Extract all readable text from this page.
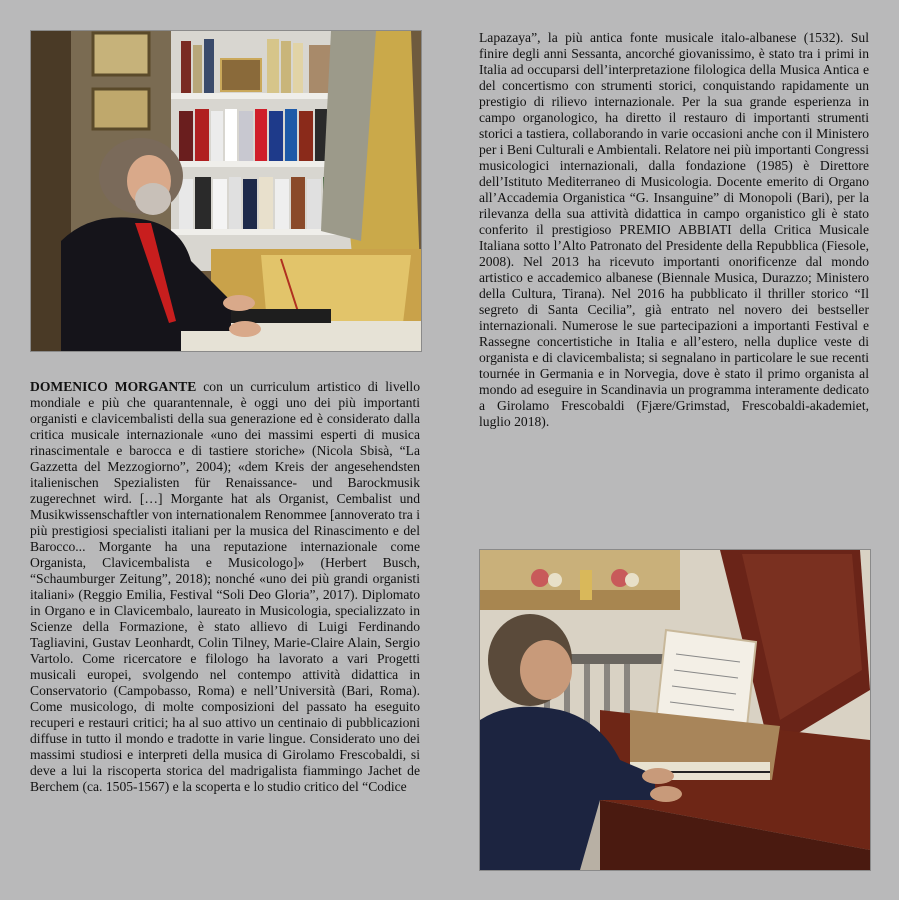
DOMENICO MORGANTE con un curriculum artistico di livello mondiale e più che quarantennale, è oggi uno dei più importanti organisti e clavicembalisti della sua generazione ed è considerato dalla critica musicale internazionale «uno dei massimi esperti di musica rinascimentale e barocca e di tastiere storiche» (Nicola Sbisà, “La Gazzetta del Mezzogiorno”, 2004); «dem Kreis der angesehendsten italienischen Spezialisten für Renaissance- und Barockmusik zugerechnet wird. […] Morgante hat als Organist, Cembalist und Musikwissenschaftler von internationalem Renommee [annoverato tra i più prestigiosi specialisti italiani per la musica del Rinascimento e del Barocco... Morgante ha una reputazione internazionale come Organista, Clavicembalista e Musicologo]» (Herbert Busch, “Schaumburger Zeitung”, 2018); nonché «uno dei più grandi organisti italiani» (Reggio Emilia, Festival “Soli Deo Gloria”, 2017). Diplomato in Organo e in Clavicembalo, laureato in Musicologia, specializzato in Scienze della Formazione, è stato allievo di Luigi Ferdinando Tagliavini, Gustav Leonhardt, Colin Tilney, Marie-Claire Alain, Sergio Vartolo. Come ricercatore e filologo ha lavorato a vari Progetti musicali europei, svolgendo nel contempo attività didattica in Conservatorio (Campobasso, Roma) e nell’Università (Bari, Roma). Come musicologo, di molte composizioni del passato ha eseguito recuperi e restauri critici; ha al suo attivo un centinaio di pubblicazioni diffuse in tutto il mondo e tradotte in varie lingue. Considerato uno dei massimi studiosi e interpreti della musica di Girolamo Frescobaldi, si deve a lui la riscoperta storica del madrigalista fiammingo Jachet de Berchem (ca. 1505-1567) e la scoperta e lo studio critico del “Codice
Lapazaya”, la più antica fonte musicale italo-albanese (1532). Sul finire degli anni Sessanta, ancorché giovanissimo, è stato tra i primi in Italia ad occuparsi dell’interpretazione filologica della Musica Antica e del concertismo con strumenti storici, conquistando rapidamente un prestigio di rilievo internazionale. Per la sua grande esperienza in campo organologico, ha diretto il restauro di importanti strumenti storici a tastiera, collaborando in varie occasioni anche con il Ministero per i Beni Culturali e Ambientali. Relatore nei più importanti Congressi musicologici internazionali, dalla fondazione (1985) è Direttore dell’Istituto Mediterraneo di Musicologia. Docente emerito di Organo all’Accademia Organistica “G. Insanguine” di Monopoli (Bari), per la rilevanza della sua attività didattica in campo organistico gli è stato conferito il prestigioso PREMIO ABBIATI della Critica Musicale Italiana sotto l’Alto Patronato del Presidente della Repubblica (Fiesole, 2008). Nel 2013 ha ricevuto importanti onorificenze dal mondo artistico e accademico albanese (Biennale Musica, Durazzo; Ministero della Cultura, Tirana). Nel 2016 ha pubblicato il thriller storico “Il segreto di Santa Cecilia”, già entrato nel novero dei bestseller internazionali. Numerose le sue partecipazioni a importanti Festival e Rassegne concertistiche in Italia e all’estero, nella duplice veste di organista e di clavicembalista; si segnalano in particolare le sue recenti tournée in Germania e in Norvegia, dove è stato il primo organista al mondo ad eseguire in Scandinavia un programma interamente dedicato a Girolamo Frescobaldi (Fjære/Grimstad, Frescobaldi-akademiet, luglio 2018).
